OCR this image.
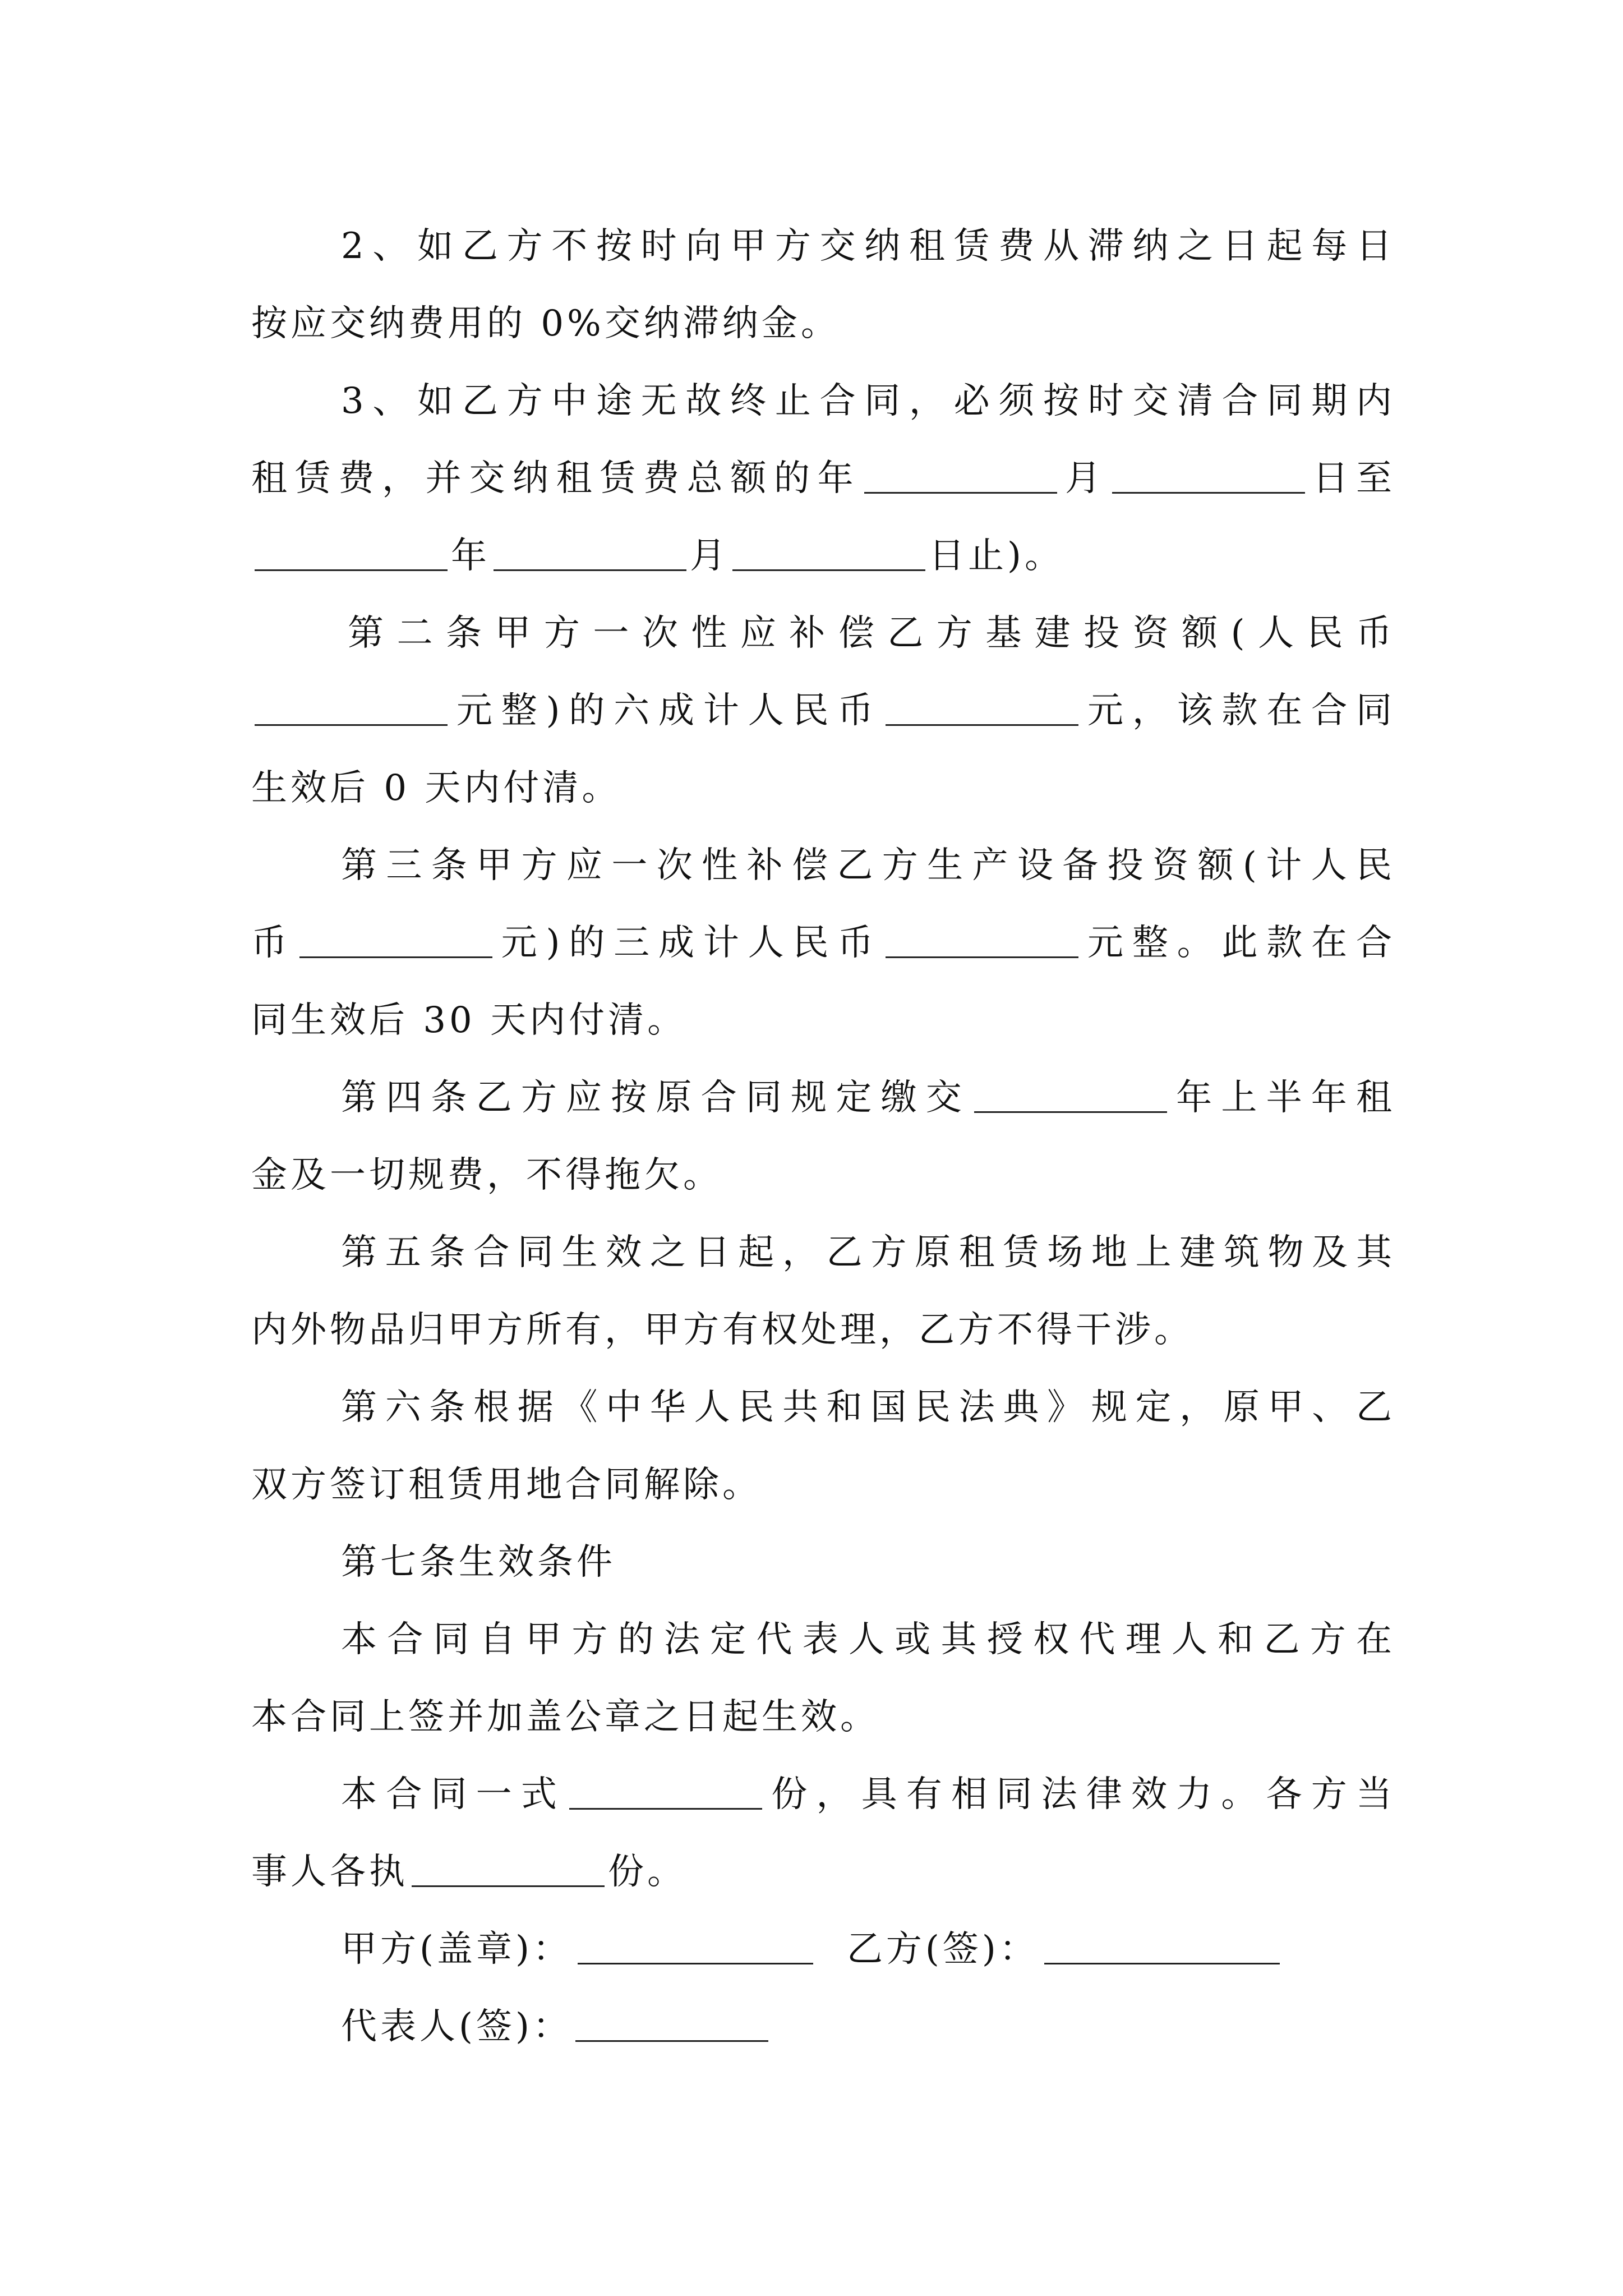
2、如乙方不按时向甲方交纳租赁费从滞纳之日起每日
按应交纳费用的 0%交纳滞纳金。
3、如乙方中途无故终止合同，必须按时交清合同期内
租赁费，并交纳租赁费总额的年	月	日至
年	月	日止)。
第二条甲方一次性应补偿乙方基建投资额(人民币
元整)的六成计人民币	元，该款在合同
生效后 0 天内付清。
第三条甲方应一次性补偿乙方生产设备投资额(计人民
币	元)的三成计人民币	元整。此款在合
同生效后 30 天内付清。
第四条乙方应按原合同规定缴交	年上半年租
金及一切规费，不得拖欠。
第五条合同生效之日起，乙方原租赁场地上建筑物及其
内外物品归甲方所有，甲方有权处理，乙方不得干涉。
第六条根据《中华人民共和国民法典》规定，原甲、乙
双方签订租赁用地合同解除。
第七条生效条件
本合同自甲方的法定代表人或其授权代理人和乙方在
本合同上签并加盖公章之日起生效。
本合同一式	份，具有相同法律效力。各方当
事人各执	份。
甲方(盖章)：	乙方(签)：
代表人(签)：
